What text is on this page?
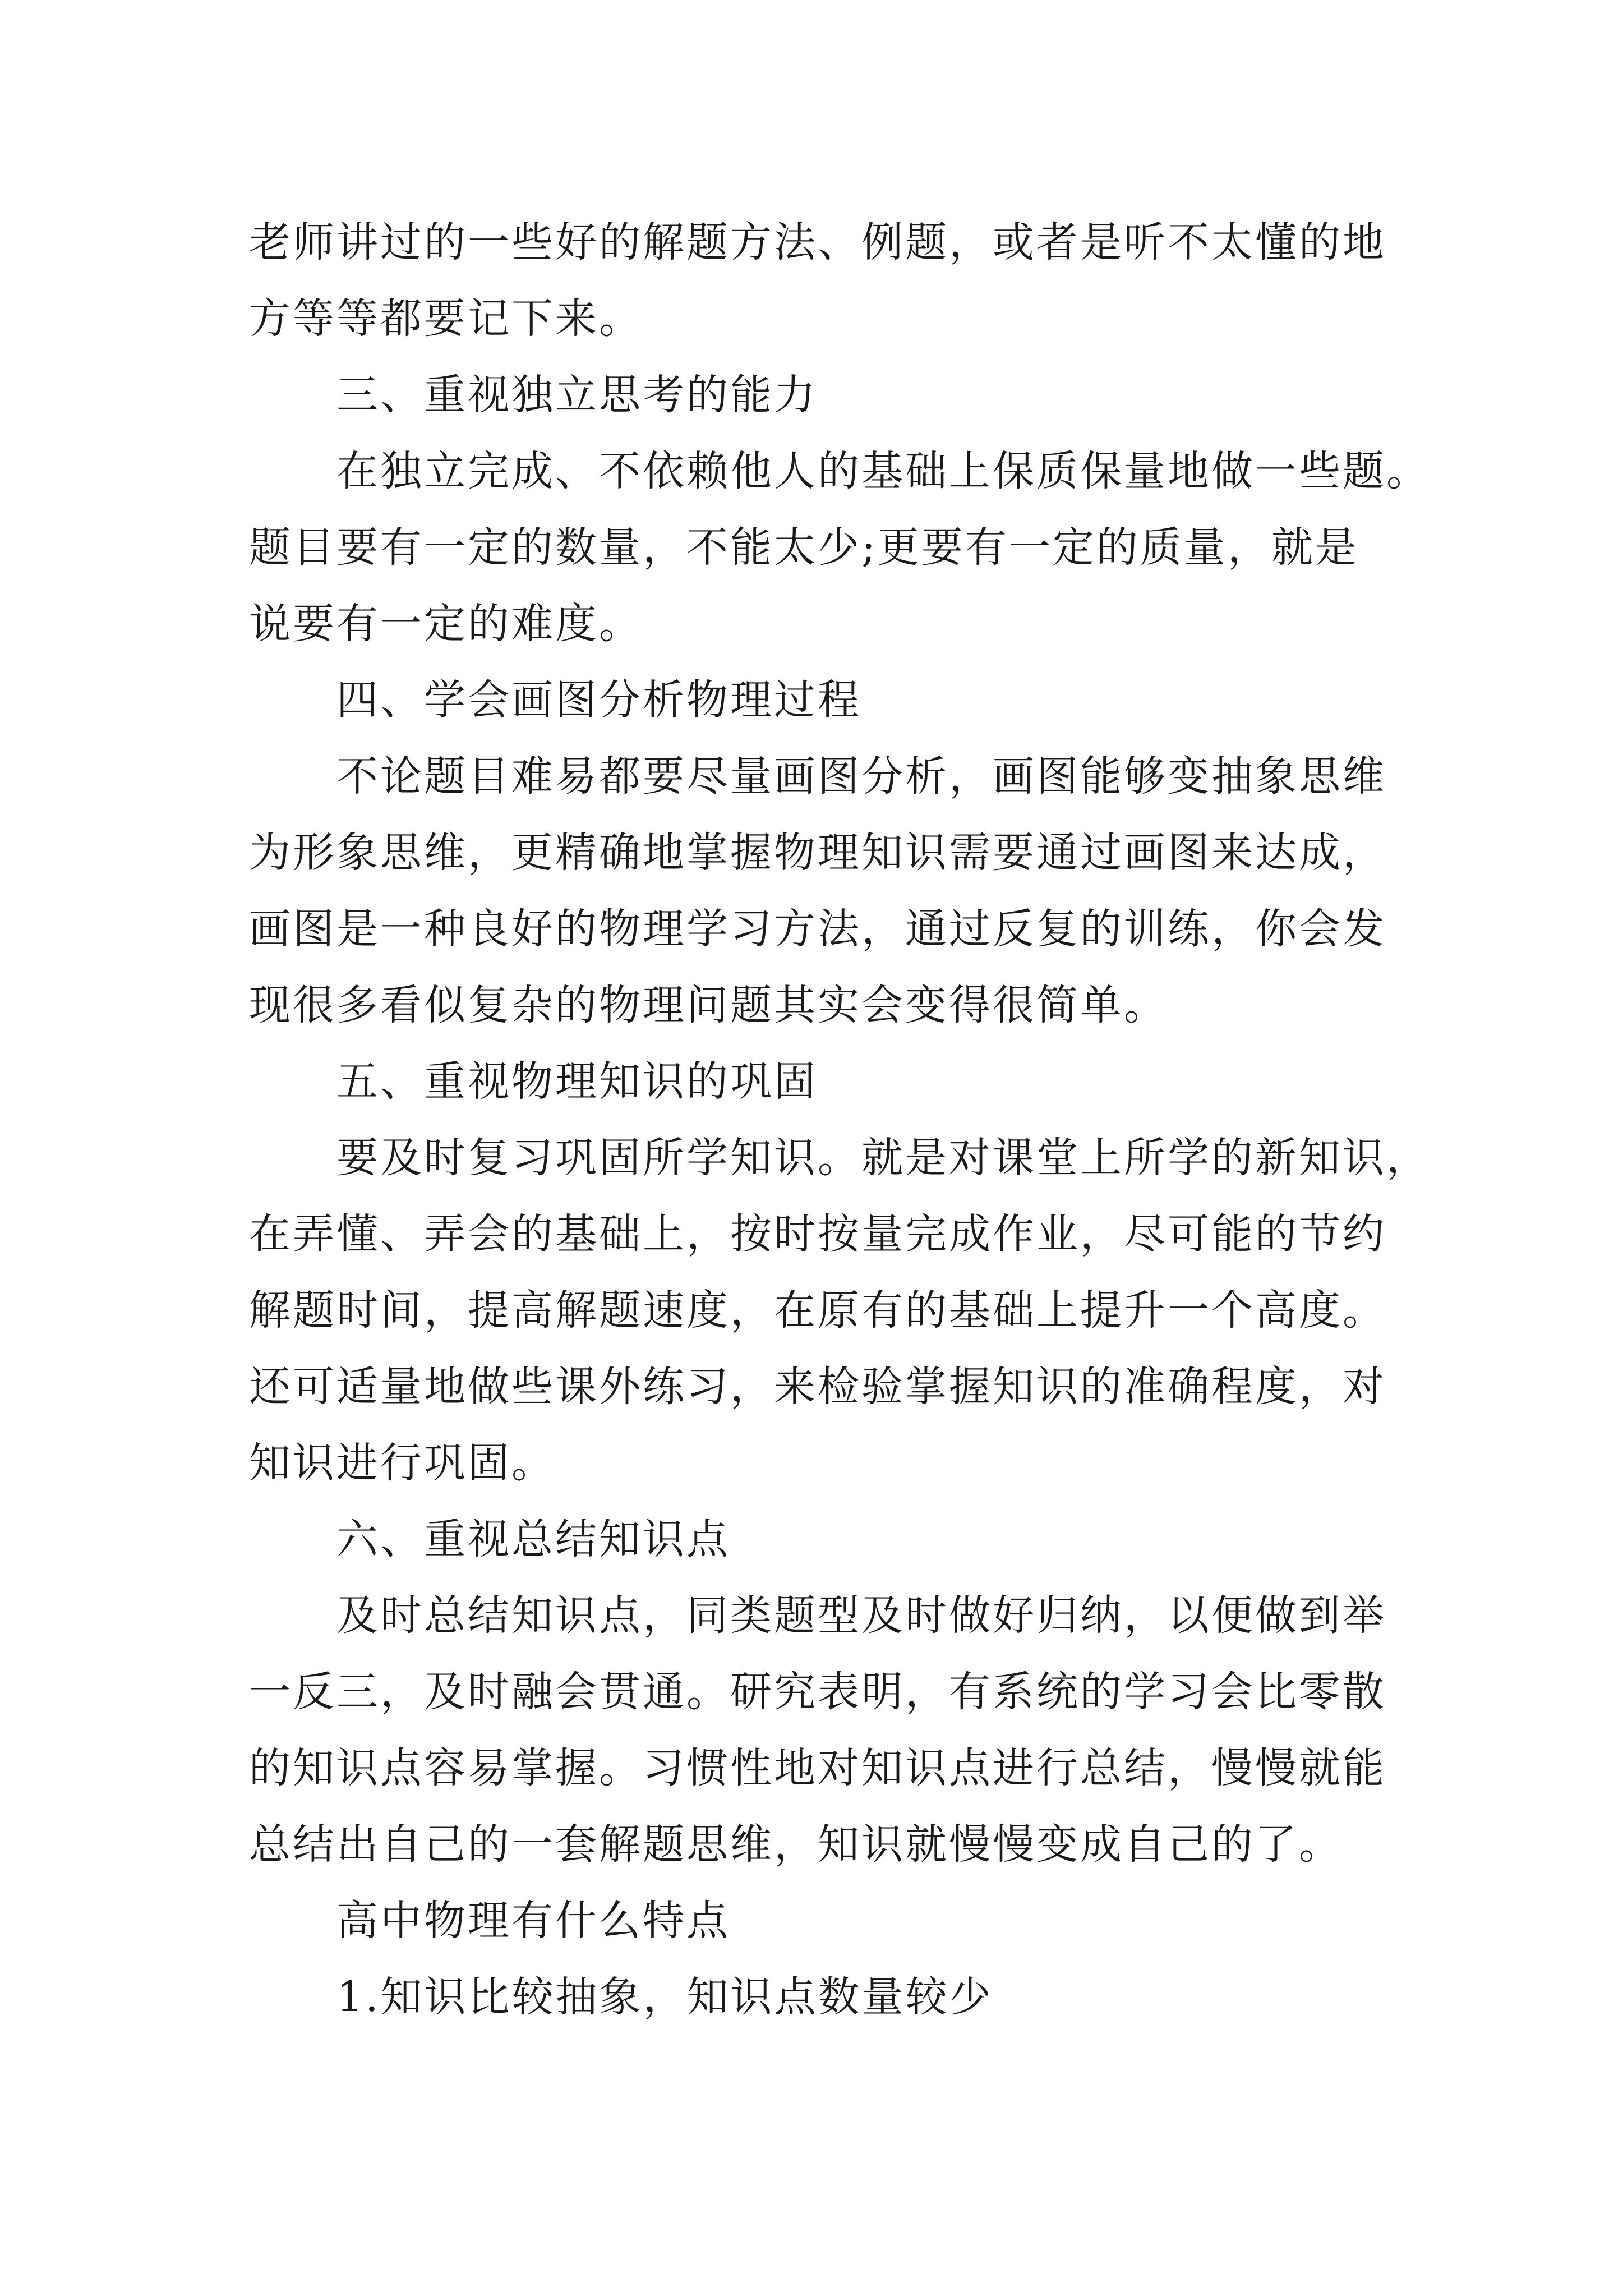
老师讲过的一些好的解题方法、例题，或者是听不太懂的地

方等等都要记下来。

三、重视独立思考的能力

在独立完成、不依赖他人的基础上保质保量地做一些题。

题目要有一定的数量，不能太少;更要有一定的质量，就是

说要有一定的难度。

四、学会画图分析物理过程

不论题目难易都要尽量画图分析，画图能够变抽象思维

为形象思维，更精确地掌握物理知识需要通过画图来达成，

画图是一种良好的物理学习方法，通过反复的训练，你会发

现很多看似复杂的物理问题其实会变得很简单。

五、重视物理知识的巩固

要及时复习巩固所学知识。就是对课堂上所学的新知识，

在弄懂、弄会的基础上，按时按量完成作业，尽可能的节约

解题时间，提高解题速度，在原有的基础上提升一个高度。

还可适量地做些课外练习，来检验掌握知识的准确程度，对

知识进行巩固。

六、重视总结知识点

及时总结知识点，同类题型及时做好归纳，以便做到举

一反三，及时融会贯通。研究表明，有系统的学习会比零散

的知识点容易掌握。习惯性地对知识点进行总结，慢慢就能

总结出自己的一套解题思维，知识就慢慢变成自己的了。

高中物理有什么特点

1.知识比较抽象，知识点数量较少
